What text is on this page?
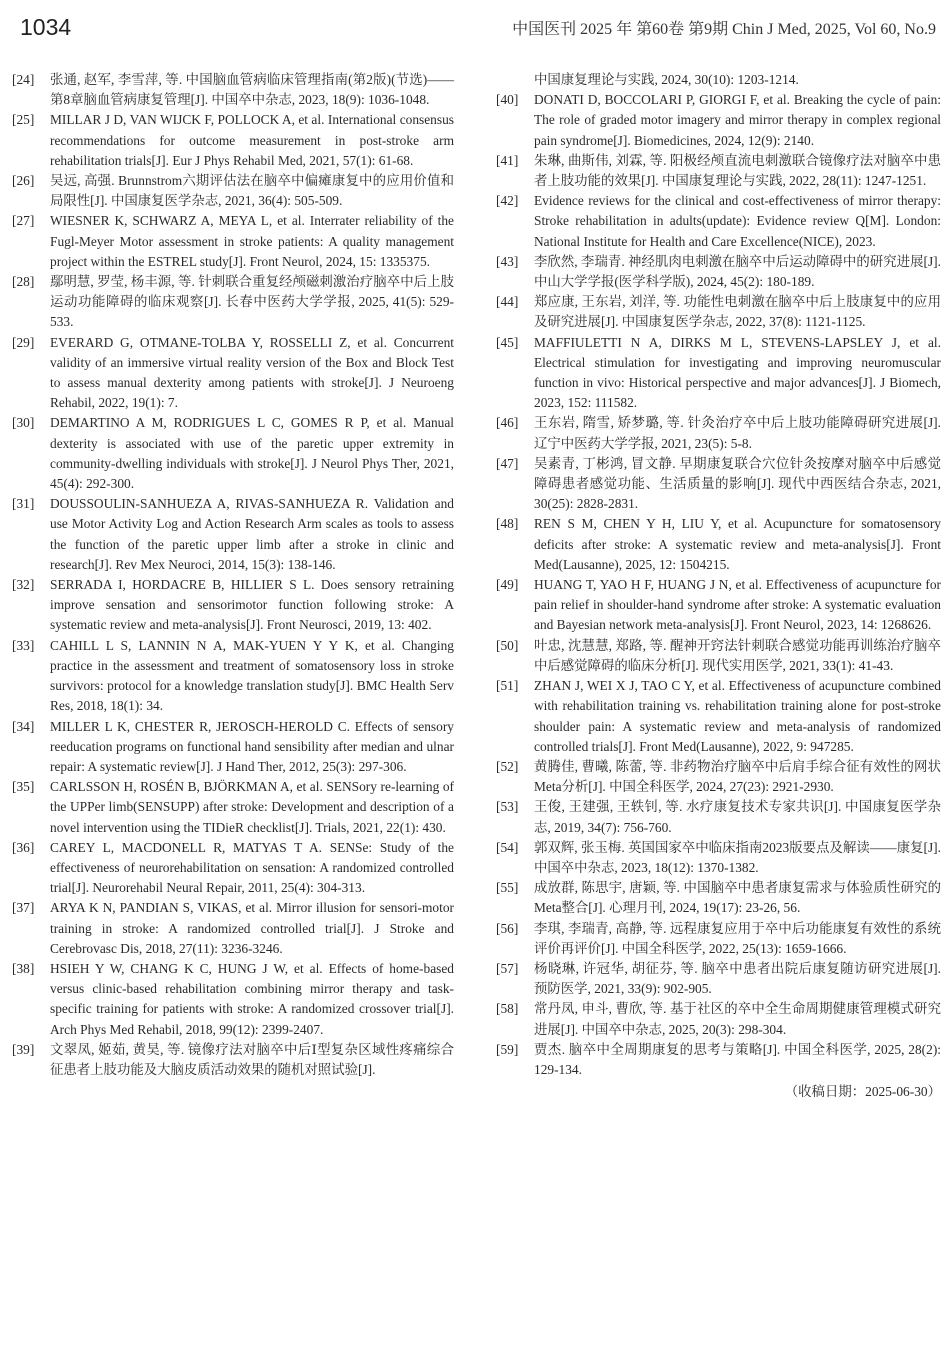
1034	中国医刊 2025 年 第60卷 第9期 Chin J Med, 2025, Vol 60, No.9
[24] 张通, 赵军, 李雪萍, 等. 中国脑血管病临床管理指南(第2版)(节选)——第8章脑血管病康复管理[J]. 中国卒中杂志, 2023, 18(9): 1036-1048.
[25] MILLAR J D, VAN WIJCK F, POLLOCK A, et al. International consensus recommendations for outcome measurement in post-stroke arm rehabilitation trials[J]. Eur J Phys Rehabil Med, 2021, 57(1): 61-68.
[26] 吴远, 高强. Brunnstrom六期评估法在脑卒中偏瘫康复中的应用价值和局限性[J]. 中国康复医学杂志, 2021, 36(4): 505-509.
[27] WIESNER K, SCHWARZ A, MEYA L, et al. Interrater reliability of the Fugl-Meyer Motor assessment in stroke patients: A quality management project within the ESTREL study[J]. Front Neurol, 2024, 15: 1335375.
[28] 鄢明慧, 罗莹, 杨丰源, 等. 针刺联合重复经颅磁刺激治疗脑卒中后上肢运动功能障碍的临床观察[J]. 长春中医药大学学报, 2025, 41(5): 529-533.
[29] EVERARD G, OTMANE-TOLBA Y, ROSSELLI Z, et al. Concurrent validity of an immersive virtual reality version of the Box and Block Test to assess manual dexterity among patients with stroke[J]. J Neuroeng Rehabil, 2022, 19(1): 7.
[30] DEMARTINO A M, RODRIGUES L C, GOMES R P, et al. Manual dexterity is associated with use of the paretic upper extremity in community-dwelling individuals with stroke[J]. J Neurol Phys Ther, 2021, 45(4): 292-300.
[31] DOUSSOULIN-SANHUEZA A, RIVAS-SANHUEZA R. Validation and use Motor Activity Log and Action Research Arm scales as tools to assess the function of the paretic upper limb after a stroke in clinic and research[J]. Rev Mex Neuroci, 2014, 15(3): 138-146.
[32] SERRADA I, HORDACRE B, HILLIER S L. Does sensory retraining improve sensation and sensorimotor function following stroke: A systematic review and meta-analysis[J]. Front Neurosci, 2019, 13: 402.
[33] CAHILL L S, LANNIN N A, MAK-YUEN Y Y K, et al. Changing practice in the assessment and treatment of somatosensory loss in stroke survivors: protocol for a knowledge translation study[J]. BMC Health Serv Res, 2018, 18(1): 34.
[34] MILLER L K, CHESTER R, JEROSCH-HEROLD C. Effects of sensory reeducation programs on functional hand sensibility after median and ulnar repair: A systematic review[J]. J Hand Ther, 2012, 25(3): 297-306.
[35] CARLSSON H, ROSÉN B, BJÖRKMAN A, et al. SENSory re-learning of the UPPer limb(SENSUPP) after stroke: Development and description of a novel intervention using the TIDieR checklist[J]. Trials, 2021, 22(1): 430.
[36] CAREY L, MACDONELL R, MATYAS T A. SENSe: Study of the effectiveness of neurorehabilitation on sensation: A randomized controlled trial[J]. Neurorehabil Neural Repair, 2011, 25(4): 304-313.
[37] ARYA K N, PANDIAN S, VIKAS, et al. Mirror illusion for sensori-motor training in stroke: A randomized controlled trial[J]. J Stroke and Cerebrovasc Dis, 2018, 27(11): 3236-3246.
[38] HSIEH Y W, CHANG K C, HUNG J W, et al. Effects of home-based versus clinic-based rehabilitation combining mirror therapy and task-specific training for patients with stroke: A randomized crossover trial[J]. Arch Phys Med Rehabil, 2018, 99(12): 2399-2407.
[39] 文翠凤, 姬茹, 黄昊, 等. 镜像疗法对脑卒中后Ⅰ型复杂区域性疼痛综合征患者上肢功能及大脑皮质活动效果的随机对照试验[J].
中国康复理论与实践, 2024, 30(10): 1203-1214.
[40] DONATI D, BOCCOLARI P, GIORGI F, et al. Breaking the cycle of pain: The role of graded motor imagery and mirror therapy in complex regional pain syndrome[J]. Biomedicines, 2024, 12(9): 2140.
[41] 朱琳, 曲斯伟, 刘霖, 等. 阳极经颅直流电刺激联合镜像疗法对脑卒中患者上肢功能的效果[J]. 中国康复理论与实践, 2022, 28(11): 1247-1251.
[42] Evidence reviews for the clinical and cost-effectiveness of mirror therapy: Stroke rehabilitation in adults(update): Evidence review Q[M]. London: National Institute for Health and Care Excellence(NICE), 2023.
[43] 李欣然, 李瑞青. 神经肌肉电刺激在脑卒中后运动障碍中的研究进展[J]. 中山大学学报(医学科学版), 2024, 45(2): 180-189.
[44] 郑应康, 王东岩, 刘洋, 等. 功能性电刺激在脑卒中后上肢康复中的应用及研究进展[J]. 中国康复医学杂志, 2022, 37(8): 1121-1125.
[45] MAFFIULETTI N A, DIRKS M L, STEVENS-LAPSLEY J, et al. Electrical stimulation for investigating and improving neuromuscular function in vivo: Historical perspective and major advances[J]. J Biomech, 2023, 152: 111582.
[46] 王东岩, 隋雪, 矫梦璐, 等. 针灸治疗卒中后上肢功能障碍研究进展[J]. 辽宁中医药大学学报, 2021, 23(5): 5-8.
[47] 吴素青, 丁彬鸿, 冒文静. 早期康复联合穴位针灸按摩对脑卒中后感觉障碍患者感觉功能、生活质量的影响[J]. 现代中西医结合杂志, 2021, 30(25): 2828-2831.
[48] REN S M, CHEN Y H, LIU Y, et al. Acupuncture for somatosensory deficits after stroke: A systematic review and meta-analysis[J]. Front Med(Lausanne), 2025, 12: 1504215.
[49] HUANG T, YAO H F, HUANG J N, et al. Effectiveness of acupuncture for pain relief in shoulder-hand syndrome after stroke: A systematic evaluation and Bayesian network meta-analysis[J]. Front Neurol, 2023, 14: 1268626.
[50] 叶忠, 沈慧慧, 郑路, 等. 醒神开窍法针刺联合感觉功能再训练治疗脑卒中后感觉障碍的临床分析[J]. 现代实用医学, 2021, 33(1): 41-43.
[51] ZHAN J, WEI X J, TAO C Y, et al. Effectiveness of acupuncture combined with rehabilitation training vs. rehabilitation training alone for post-stroke shoulder pain: A systematic review and meta-analysis of randomized controlled trials[J]. Front Med(Lausanne), 2022, 9: 947285.
[52] 黄腾佳, 曹曦, 陈蕾, 等. 非药物治疗脑卒中后肩手综合征有效性的网状Meta分析[J]. 中国全科医学, 2024, 27(23): 2921-2930.
[53] 王俊, 王建强, 王轶钊, 等. 水疗康复技术专家共识[J]. 中国康复医学杂志, 2019, 34(7): 756-760.
[54] 郭双辉, 张玉梅. 英国国家卒中临床指南2023版要点及解读——康复[J]. 中国卒中杂志, 2023, 18(12): 1370-1382.
[55] 成放群, 陈思宇, 唐颖, 等. 中国脑卒中患者康复需求与体验质性研究的Meta整合[J]. 心理月刊, 2024, 19(17): 23-26, 56.
[56] 李琪, 李瑞青, 高静, 等. 远程康复应用于卒中后功能康复有效性的系统评价再评价[J]. 中国全科医学, 2022, 25(13): 1659-1666.
[57] 杨晓琳, 许冠华, 胡征芬, 等. 脑卒中患者出院后康复随访研究进展[J]. 预防医学, 2021, 33(9): 902-905.
[58] 常丹凤, 申斗, 曹欣, 等. 基于社区的卒中全生命周期健康管理模式研究进展[J]. 中国卒中杂志, 2025, 20(3): 298-304.
[59] 贾杰. 脑卒中全周期康复的思考与策略[J]. 中国全科医学, 2025, 28(2): 129-134.
（收稿日期：2025-06-30）
